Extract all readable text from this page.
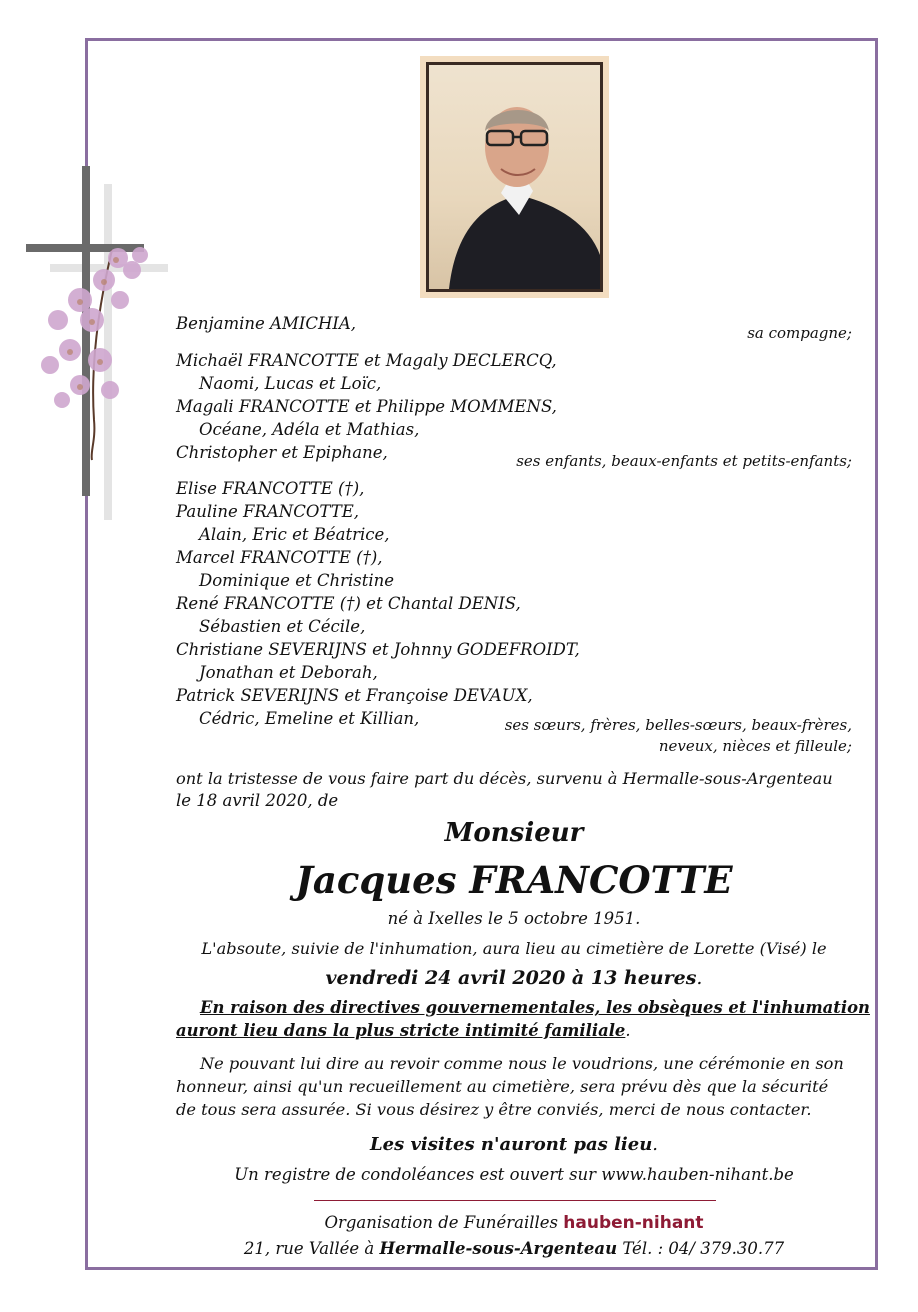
Benjamine AMICHIA,	sa compagne;
Michaël FRANCOTTE et Magaly DECLERCQ,
Naomi, Lucas et Loïc,
Magali FRANCOTTE et Philippe MOMMENS,
Océane, Adéla et Mathias,
Christopher et Epiphane,	ses enfants, beaux-enfants et petits-enfants;
Elise FRANCOTTE (†),
Pauline FRANCOTTE,
Alain, Eric et Béatrice,
Marcel FRANCOTTE (†),
Dominique et Christine
René FRANCOTTE (†) et Chantal DENIS,
Sébastien et Cécile,
Christiane SEVERIJNS et Johnny GODEFROIDT,
Jonathan et Deborah,
Patrick SEVERIJNS et Françoise DEVAUX,
Cédric, Emeline et Killian,	ses sœurs, frères, belles-sœurs, beaux-frères,
neveux, nièces et filleule;
ont la tristesse de vous faire part du décès, survenu à Hermalle-sous-Argenteau
le 18 avril 2020, de
Monsieur
Jacques FRANCOTTE
né à Ixelles le 5 octobre 1951.
L'absoute, suivie de l'inhumation, aura lieu au cimetière de Lorette (Visé) le
vendredi 24 avril 2020 à 13 heures.
En raison des directives gouvernementales, les obsèques et l'inhumation
auront lieu dans la plus stricte intimité familiale.
Ne pouvant lui dire au revoir comme nous le voudrions, une cérémonie en son
honneur, ainsi qu'un recueillement au cimetière, sera prévu dès que la sécurité
de tous sera assurée. Si vous désirez y être conviés, merci de nous contacter.
Les visites n'auront pas lieu.
Un registre de condoléances est ouvert sur www.hauben-nihant.be
Organisation de Funérailles hauben-nihant
21, rue Vallée à Hermalle-sous-Argenteau Tél. : 04/ 379.30.77
